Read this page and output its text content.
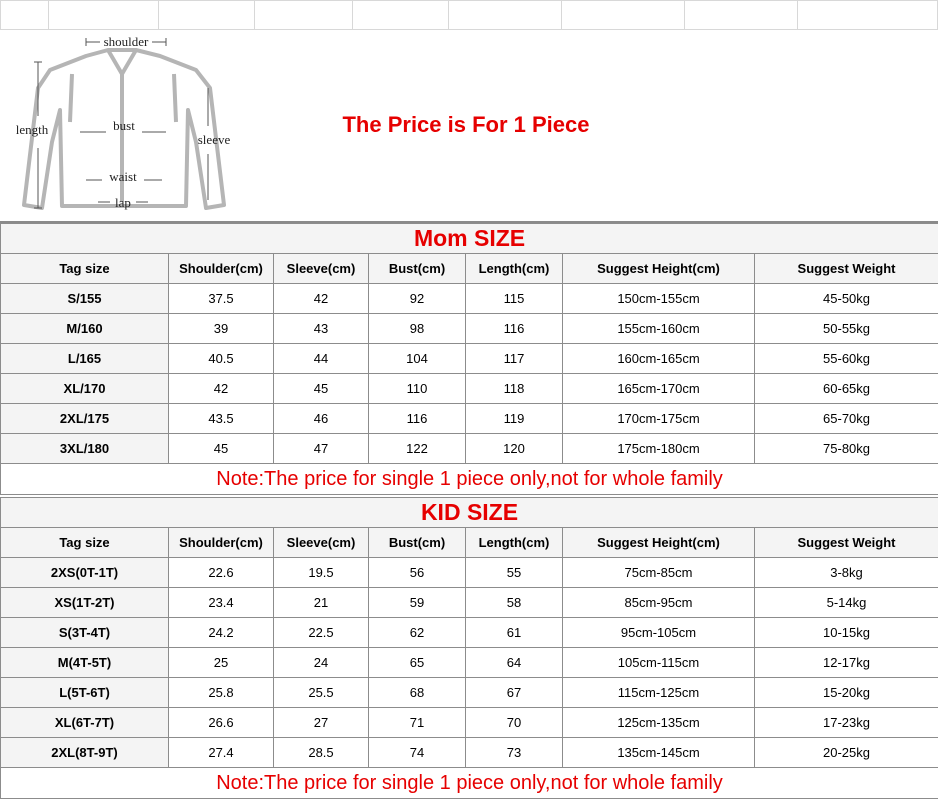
shoulder
length	bust
sleeve
waist
lap
The Price is For 1 Piece
Mom SIZE						
Tag size	Shoulder(cm)	Sleeve(cm)	Bust(cm)	Length(cm)	Suggest Height(cm)	Suggest Weight
S/155	37.5	42	92	115	150cm-155cm	45-50kg
M/160	39	43	98	116	155cm-160cm	50-55kg
L/165	40.5	44	104	117	160cm-165cm	55-60kg
XL/170	42	45	110	118	165cm-170cm	60-65kg
2XL/175	43.5	46	116	119	170cm-175cm	65-70kg
3XL/180	45	47	122	120	175cm-180cm	75-80kg
Note:The price for single 1 piece only,not for whole family						
KID SIZE						
Tag size	Shoulder(cm)	Sleeve(cm)	Bust(cm)	Length(cm)	Suggest Height(cm)	Suggest Weight
2XS(0T-1T)	22.6	19.5	56	55	75cm-85cm	3-8kg
XS(1T-2T)	23.4	21	59	58	85cm-95cm	5-14kg
S(3T-4T)	24.2	22.5	62	61	95cm-105cm	10-15kg
M(4T-5T)	25	24	65	64	105cm-115cm	12-17kg
L(5T-6T)	25.8	25.5	68	67	115cm-125cm	15-20kg
XL(6T-7T)	26.6	27	71	70	125cm-135cm	17-23kg
2XL(8T-9T)	27.4	28.5	74	73	135cm-145cm	20-25kg
Note:The price for single 1 piece only,not for whole family						
